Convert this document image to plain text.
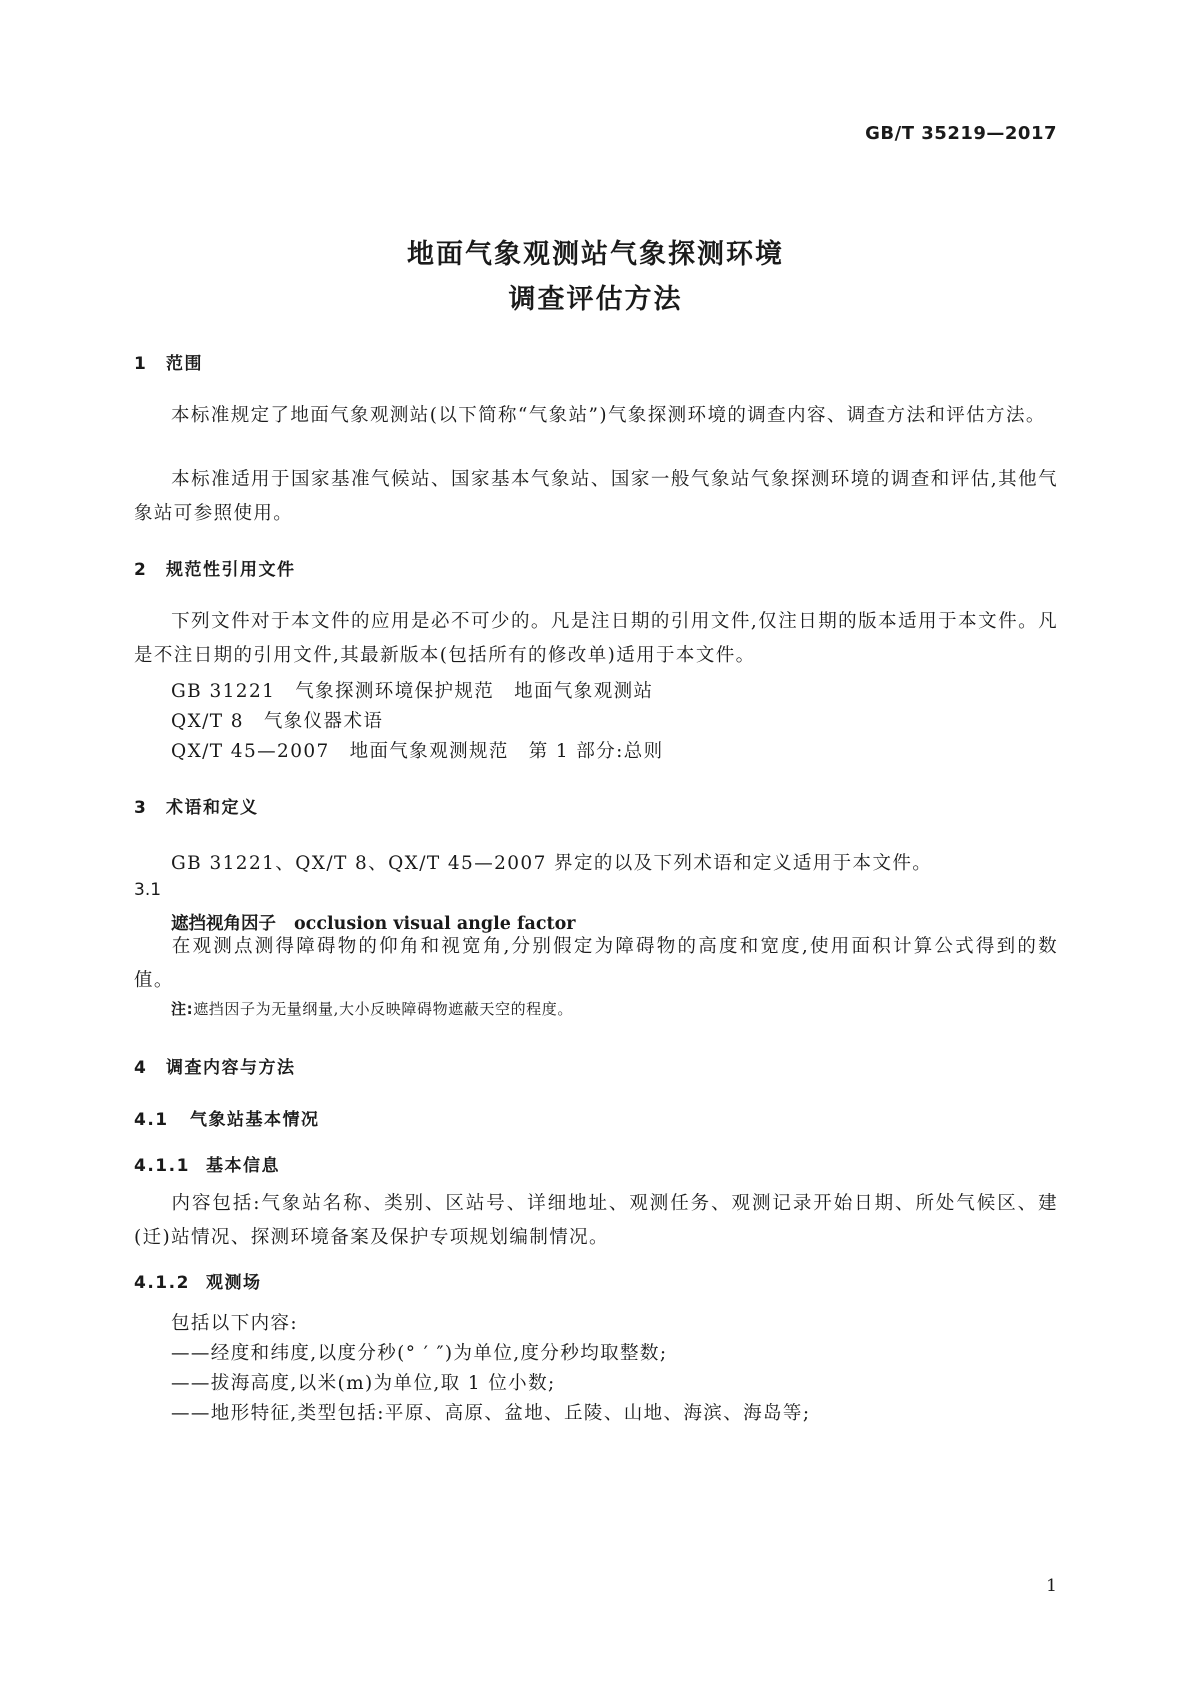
GB/T 35219—2017
地面气象观测站气象探测环境
调查评估方法
1 范围
本标准规定了地面气象观测站(以下简称“气象站”)气象探测环境的调查内容、调查方法和评估方法。
本标准适用于国家基准气候站、国家基本气象站、国家一般气象站气象探测环境的调查和评估,其他气象站可参照使用。
2 规范性引用文件
下列文件对于本文件的应用是必不可少的。凡是注日期的引用文件,仅注日期的版本适用于本文件。凡是不注日期的引用文件,其最新版本(包括所有的修改单)适用于本文件。
GB 31221　气象探测环境保护规范　地面气象观测站
QX/T 8　气象仪器术语
QX/T 45—2007　地面气象观测规范　第 1 部分:总则
3 术语和定义
GB 31221、QX/T 8、QX/T 45—2007 界定的以及下列术语和定义适用于本文件。
3.1
遮挡视角因子 occlusion visual angle factor
在观测点测得障碍物的仰角和视宽角,分别假定为障碍物的高度和宽度,使用面积计算公式得到的数值。
注:遮挡因子为无量纲量,大小反映障碍物遮蔽天空的程度。
4 调查内容与方法
4.1 气象站基本情况
4.1.1 基本信息
内容包括:气象站名称、类别、区站号、详细地址、观测任务、观测记录开始日期、所处气候区、建(迁)站情况、探测环境备案及保护专项规划编制情况。
4.1.2 观测场
包括以下内容:
——经度和纬度,以度分秒(° ′ ″)为单位,度分秒均取整数;
——拔海高度,以米(m)为单位,取 1 位小数;
——地形特征,类型包括:平原、高原、盆地、丘陵、山地、海滨、海岛等;
1
